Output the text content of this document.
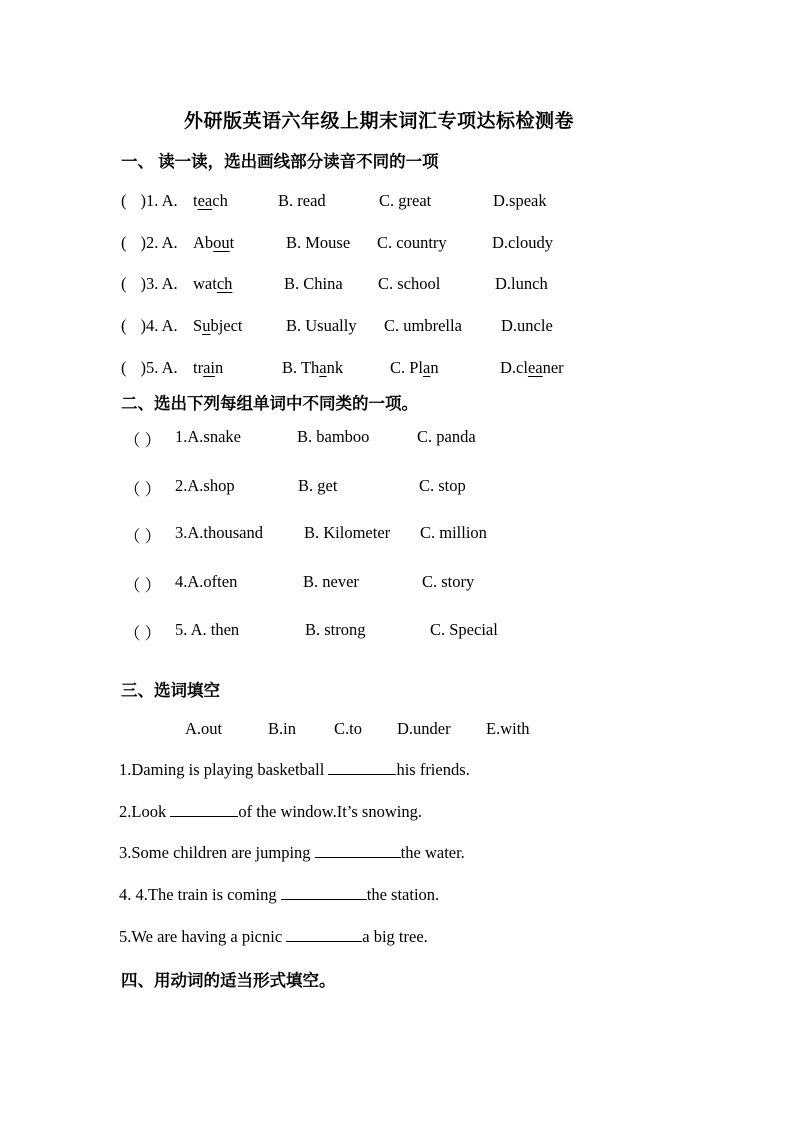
外研版英语六年级上期末词汇专项达标检测卷
一、 读一读，选出画线部分读音不同的一项
( )1. A. teach	B. read	C. great	D.speak
( )2. A. About	B. Mouse C. country	D.cloudy
( )3. A. watch	B. China C. school	D.lunch
( )4. A. Subject	B. Usually C. umbrella D.uncle
( )5. A. train	B. Thank	C. Plan	D.cleaner
二、选出下列每组单词中不同类的一项。
（ ） 1.A.snake	B. bamboo	C. panda
（ ） 2.A.shop	B. get	C. stop
（ ） 3.A.thousand B. Kilometer C. million
（ ） 4.A.often	B. never	C. story
（ ） 5. A. then	B. strong	C. Special
三、选词填空
A.out	B.in C.to D.under E.with
1.Daming is playing basketball	his friends.
2.Look	of the window.It’s snowing.
3.Some children are jumping	the water.
4. 4.The train is coming	the station.
5.We are having a picnic	a big tree.
四、用动词的适当形式填空。
